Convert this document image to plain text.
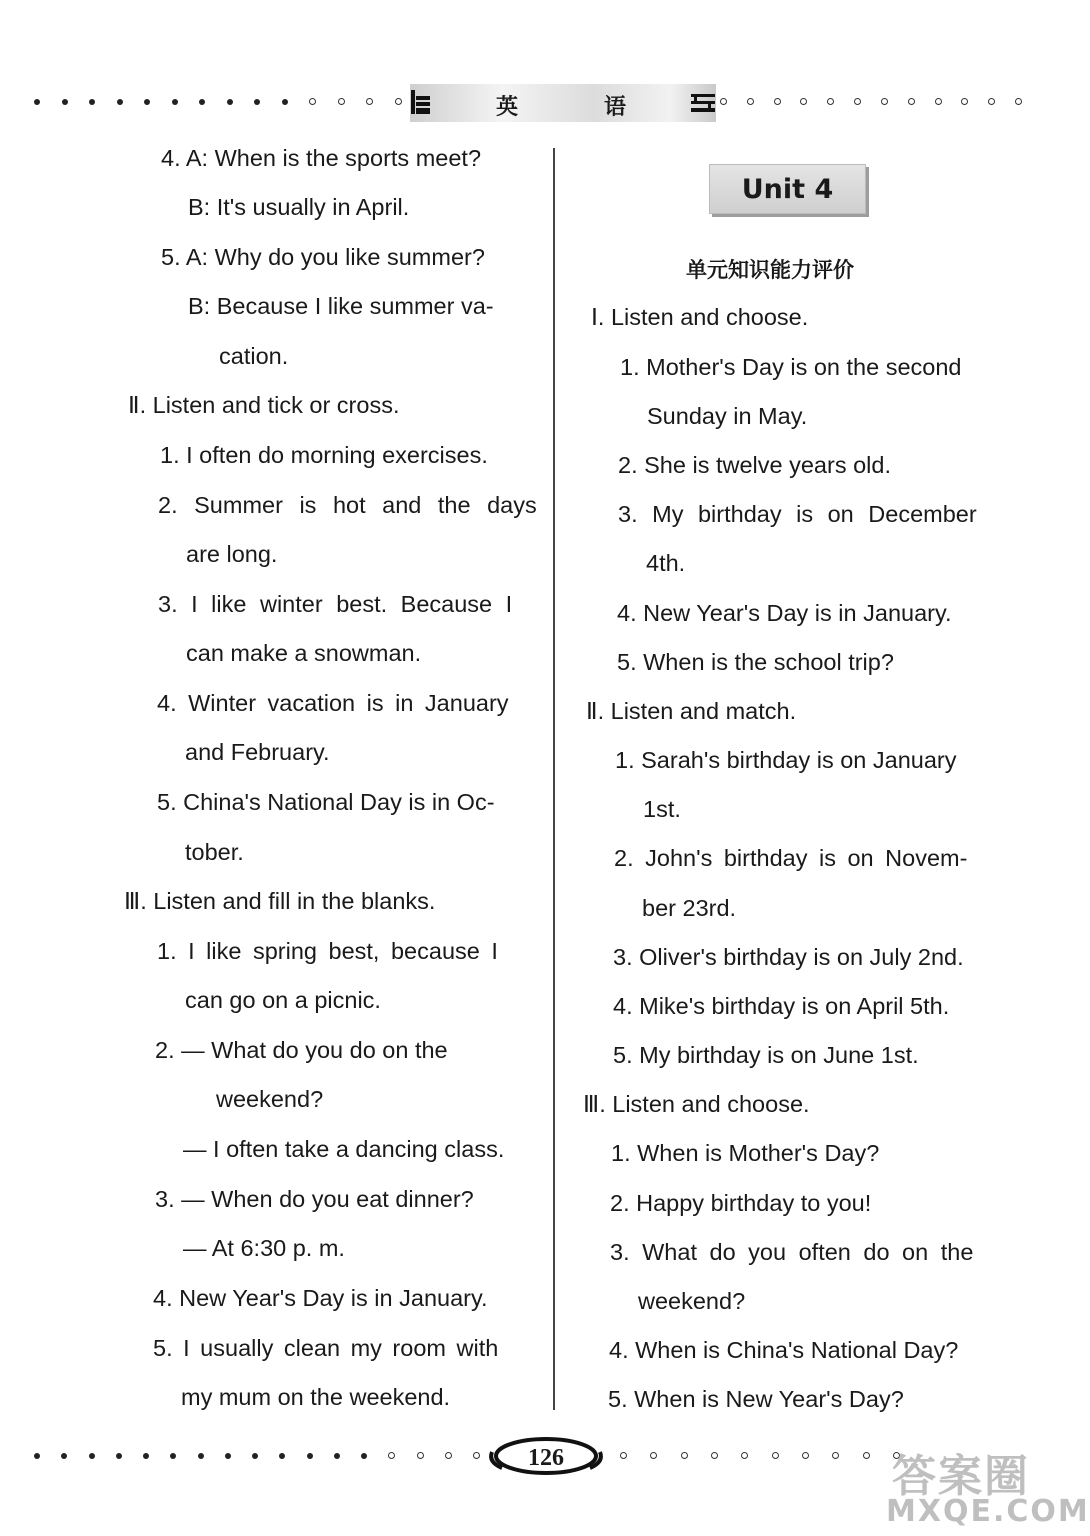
英	语
4. A: When is the sports meet?
B: It's usually in April.
5. A: Why do you like summer?
B: Because I like summer va-
cation.
Ⅱ. Listen and tick or cross.
1. I often do morning exercises.
2. Summer is hot and the days
are long.
3. I like winter best. Because I
can make a snowman.
4. Winter vacation is in January
and February.
5. China's National Day is in Oc-
tober.
Ⅲ. Listen and fill in the blanks.
1. I like spring best, because I
can go on a picnic.
2. — What do you do on the
weekend?
— I often take a dancing class.
3. — When do you eat dinner?
— At 6:30 p. m.
4. New Year's Day is in January.
5. I usually clean my room with
my mum on the weekend.
Unit 4
单元知识能力评价
Ⅰ. Listen and choose.
1. Mother's Day is on the second
Sunday in May.
2. She is twelve years old.
3. My birthday is on December
4th.
4. New Year's Day is in January.
5. When is the school trip?
Ⅱ. Listen and match.
1. Sarah's birthday is on January
1st.
2. John's birthday is on Novem-
ber 23rd.
3. Oliver's birthday is on July 2nd.
4. Mike's birthday is on April 5th.
5. My birthday is on June 1st.
Ⅲ. Listen and choose.
1. When is Mother's Day?
2. Happy birthday to you!
3. What do you often do on the
weekend?
4. When is China's National Day?
5. When is New Year's Day?
126	答案圈
MXQE.COM
